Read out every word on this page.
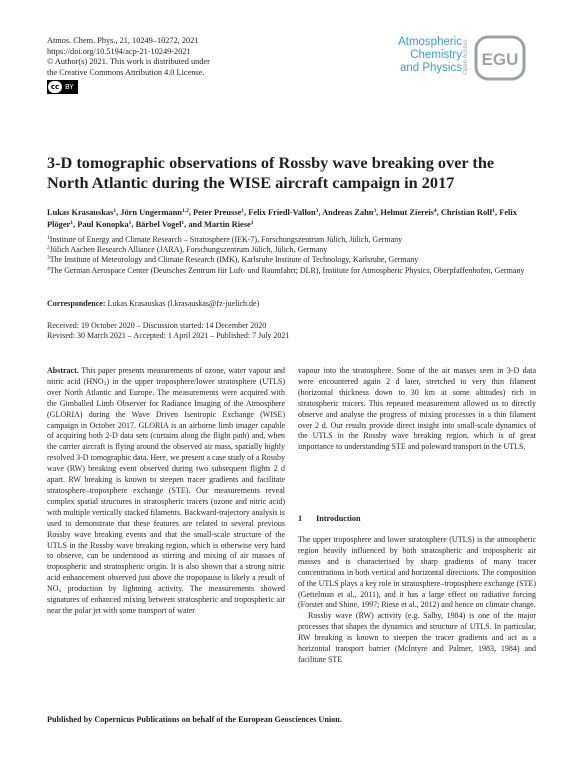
Atmos. Chem. Phys., 21, 10249–10272, 2021
https://doi.org/10.5194/acp-21-10249-2021
© Author(s) 2021. This work is distributed under
the Creative Commons Attribution 4.0 License.
cc BY
Atmospheric
Chemistry
and Physics Open Access EGU
3-D tomographic observations of Rossby wave breaking over the North Atlantic during the WISE aircraft campaign in 2017
Lukas Krasauskas$^1$, Jörn Ungermann$^{1,2}$, Peter Preusse$^1$, Felix Friedl-Vallon$^3$, Andreas Zahn$^3$, Helmut Ziereis$^4$, Christian Rolf$^1$, Felix Plöger$^1$, Paul Konopka$^1$, Bärbel Vogel$^1$, and Martin Riese$^1$
$^1$Institute of Energy and Climate Research – Stratosphere (IEK-7), Forschungszentrum Jülich, Jülich, Germany
$^2$Jülich Aachen Research Alliance (JARA), Forschungszentrum Jülich, Jülich, Germany
$^3$The Institute of Meteorology and Climate Research (IMK), Karlsruhe Institute of Technology, Karlsruhe, Germany
$^4$The German Aerospace Center (Deutsches Zentrum für Luft- und Raumfahrt; DLR), Institute for Atmospheric Physics, Oberpfaffenhofen, Germany
Correspondence: Lukas Krasauskas (l.krasauskas@fz-juelich.de)
Received: 19 October 2020 – Discussion started: 14 December 2020
Revised: 30 March 2021 – Accepted: 1 April 2021 – Published: 7 July 2021

Abstract. This paper presents measurements of ozone, water vapour and nitric acid $(HNO_3)$ in the upper troposphere/lower stratosphere (UTLS) over North Atlantic and Europe. The measurements were acquired with the Gimballed Limb Observer for Radiance Imaging of the Atmosphere (GLORIA) during the Wave Driven Isentropic Exchange (WISE) campaign in October 2017. GLORIA is an airborne limb imager capable of acquiring both 2-D data sets (curtains along the flight path) and, when the carrier aircraft is flying around the observed air mass, spatially highly resolved 3-D tomographic data. Here, we present a case study of a Rossby wave (RW) breaking event observed during two subsequent flights 2 d apart. RW breaking is known to steepen tracer gradients and facilitate stratosphere–troposphere exchange (STE). Our measurements reveal complex spatial structures in stratospheric tracers (ozone and nitric acid) with multiple vertically stacked filaments. Backward-trajectory analysis is used to demonstrate that these features are related to several previous Rossby wave breaking events and that the small-scale structure of the UTLS in the Rossby wave breaking region, which is otherwise very hard to observe, can be understood as stirring and mixing of air masses of tropospheric and stratospheric origin. It is also shown that a strong nitric acid enhancement observed just above the tropopause is likely a result of $NO_x$ production by lightning activity. The measurements showed signatures of enhanced mixing between stratospheric and tropospheric air near the polar jet with some transport of water

vapour into the stratosphere. Some of the air masses seen in 3-D data were encountered again 2 d later, stretched to very thin filament (horizontal thickness down to 30 km at some altitudes) rich in stratospheric tracers. This repeated measurement allowed us to directly observe and analyse the progress of mixing processes in a thin filament over 2 d. Our results provide direct insight into small-scale dynamics of the UTLS in the Rossby wave breaking region, which is of great importance to understanding STE and poleward transport in the UTLS.

1 Introduction

The upper troposphere and lower stratosphere (UTLS) is the atmospheric region heavily influenced by both stratospheric and tropospheric air masses and is characterised by sharp gradients of many tracer concentrations in both vertical and horizontal directions. The composition of the UTLS plays a key role in stratosphere–troposphere exchange (STE) (Gettelman et al., 2011), and it has a large effect on radiative forcing (Forster and Shine, 1997; Riese et al., 2012) and hence on climate change.

Rossby wave (RW) activity (e.g. Salby, 1984) is one of the major processes that shapes the dynamics and structure of UTLS. In particular, RW breaking is known to steepen the tracer gradients and act as a horizontal transport barrier (McIntyre and Palmer, 1983, 1984) and facilitate STE

Published by Copernicus Publications on behalf of the European Geosciences Union.
